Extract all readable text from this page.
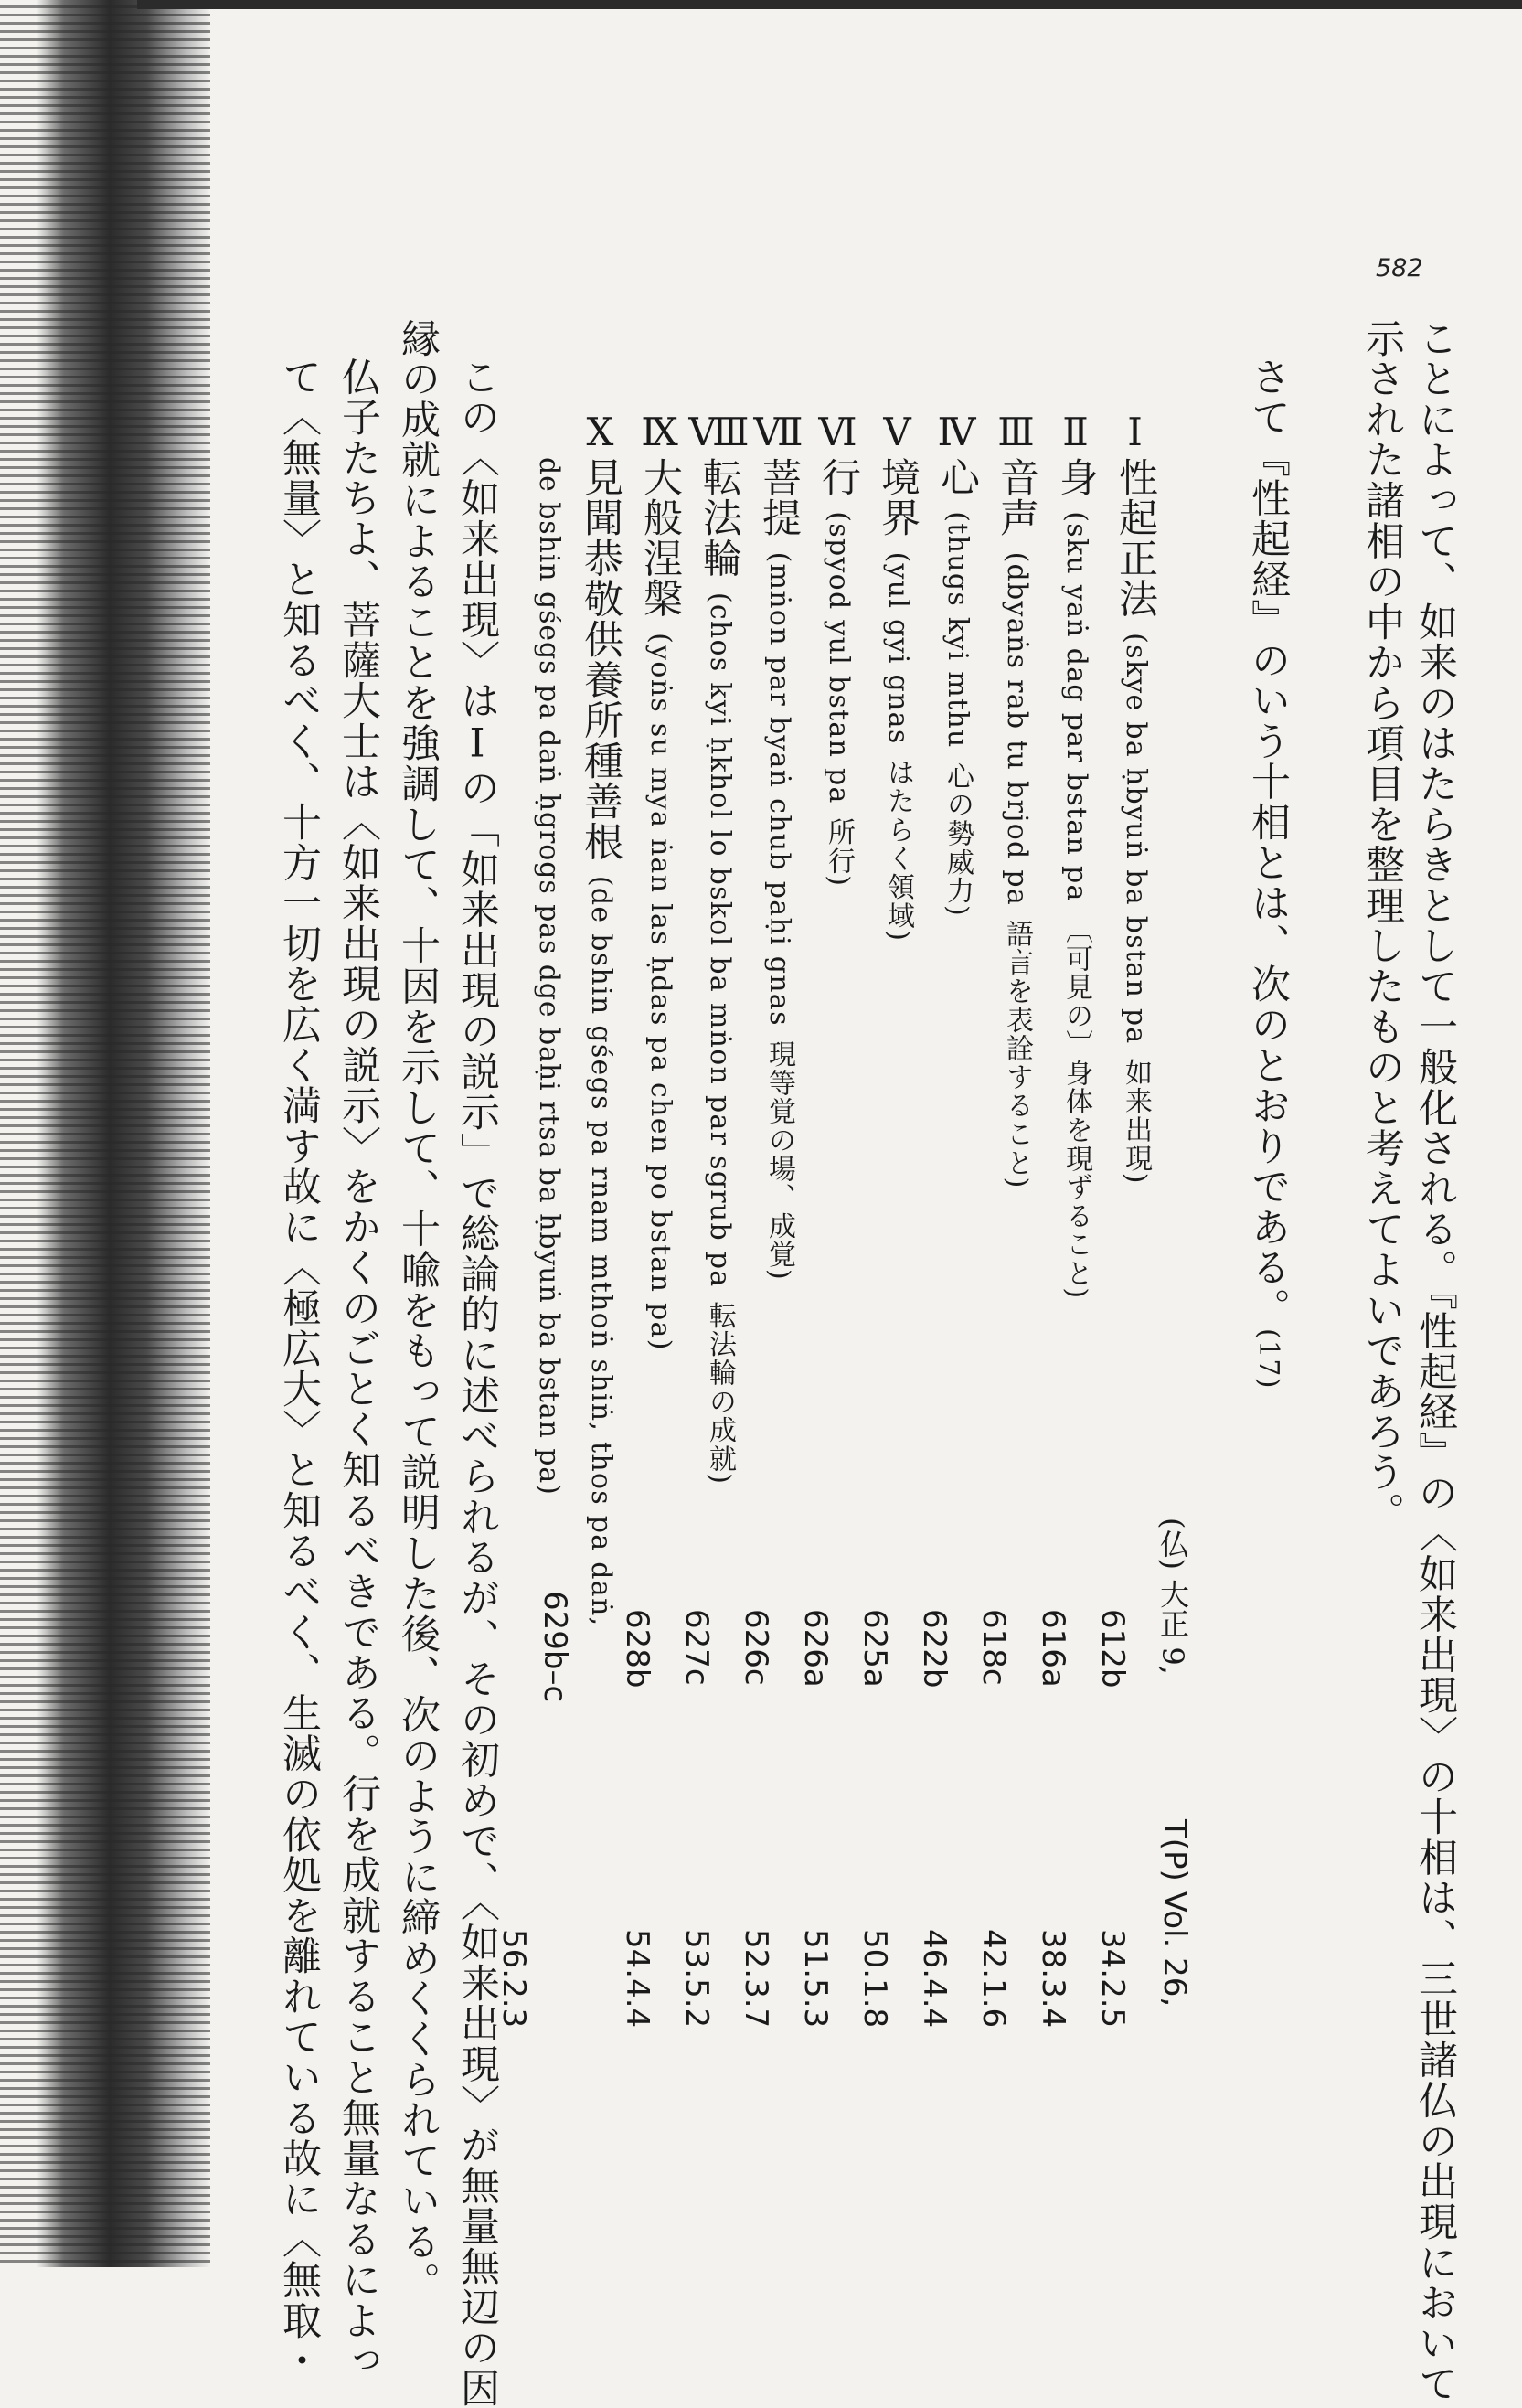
582
ことによって、如来のはたらきとして一般化される。『性起経』の〈如来出現〉の十相は、三世諸仏の出現において
示された諸相の中から項目を整理したものと考えてよいであろう。
さて『性起経』のいう十相とは、次のとおりである。(17)
(仏) 大正 9,
T(P) Vol. 26,
Ⅰ
性起正法 (skye ba ḥbyuṅ ba bstan pa 如来出現)
612b
34.2.5
Ⅱ
身 (sku yaṅ dag par bstan pa 〔可見の〕身体を現ずること)
616a
38.3.4
Ⅲ
音声 (dbyaṅs rab tu brjod pa 語言を表詮すること)
618c
42.1.6
Ⅳ
心 (thugs kyi mthu 心の勢威力)
622b
46.4.4
Ⅴ
境界 (yul gyi gnas はたらく領域)
625a
50.1.8
Ⅵ
行 (spyod yul bstan pa 所行)
626a
51.5.3
Ⅶ
菩提 (mṅon par byaṅ chub paḥi gnas 現等覚の場、成覚)
626c
52.3.7
Ⅷ
転法輪 (chos kyi ḥkhol lo bskol ba mṅon par sgrub pa 転法輪の成就)
627c
53.5.2
Ⅸ
大般涅槃 (yoṅs su mya ṅan las ḥdas pa chen po bstan pa)
628b
54.4.4
Ⅹ
見聞恭敬供養所種善根 (de bshin gśegs pa rnam mthoṅ shiṅ, thos pa daṅ,
de bshin gśegs pa daṅ ḥgrogs pas dge baḥi rtsa ba ḥbyuṅ ba bstan pa)
629b–c
56.2.3
この〈如来出現〉はⅠの「如来出現の説示」で総論的に述べられるが、その初めで、〈如来出現〉が無量無辺の因
縁の成就によることを強調して、十因を示して、十喩をもって説明した後、次のように締めくくられている。
仏子たちよ、菩薩大士は〈如来出現の説示〉をかくのごとく知るべきである。行を成就すること無量なるによっ
て〈無量〉と知るべく、十方一切を広く満す故に〈極広大〉と知るべく、生滅の依処を離れている故に〈無取・
